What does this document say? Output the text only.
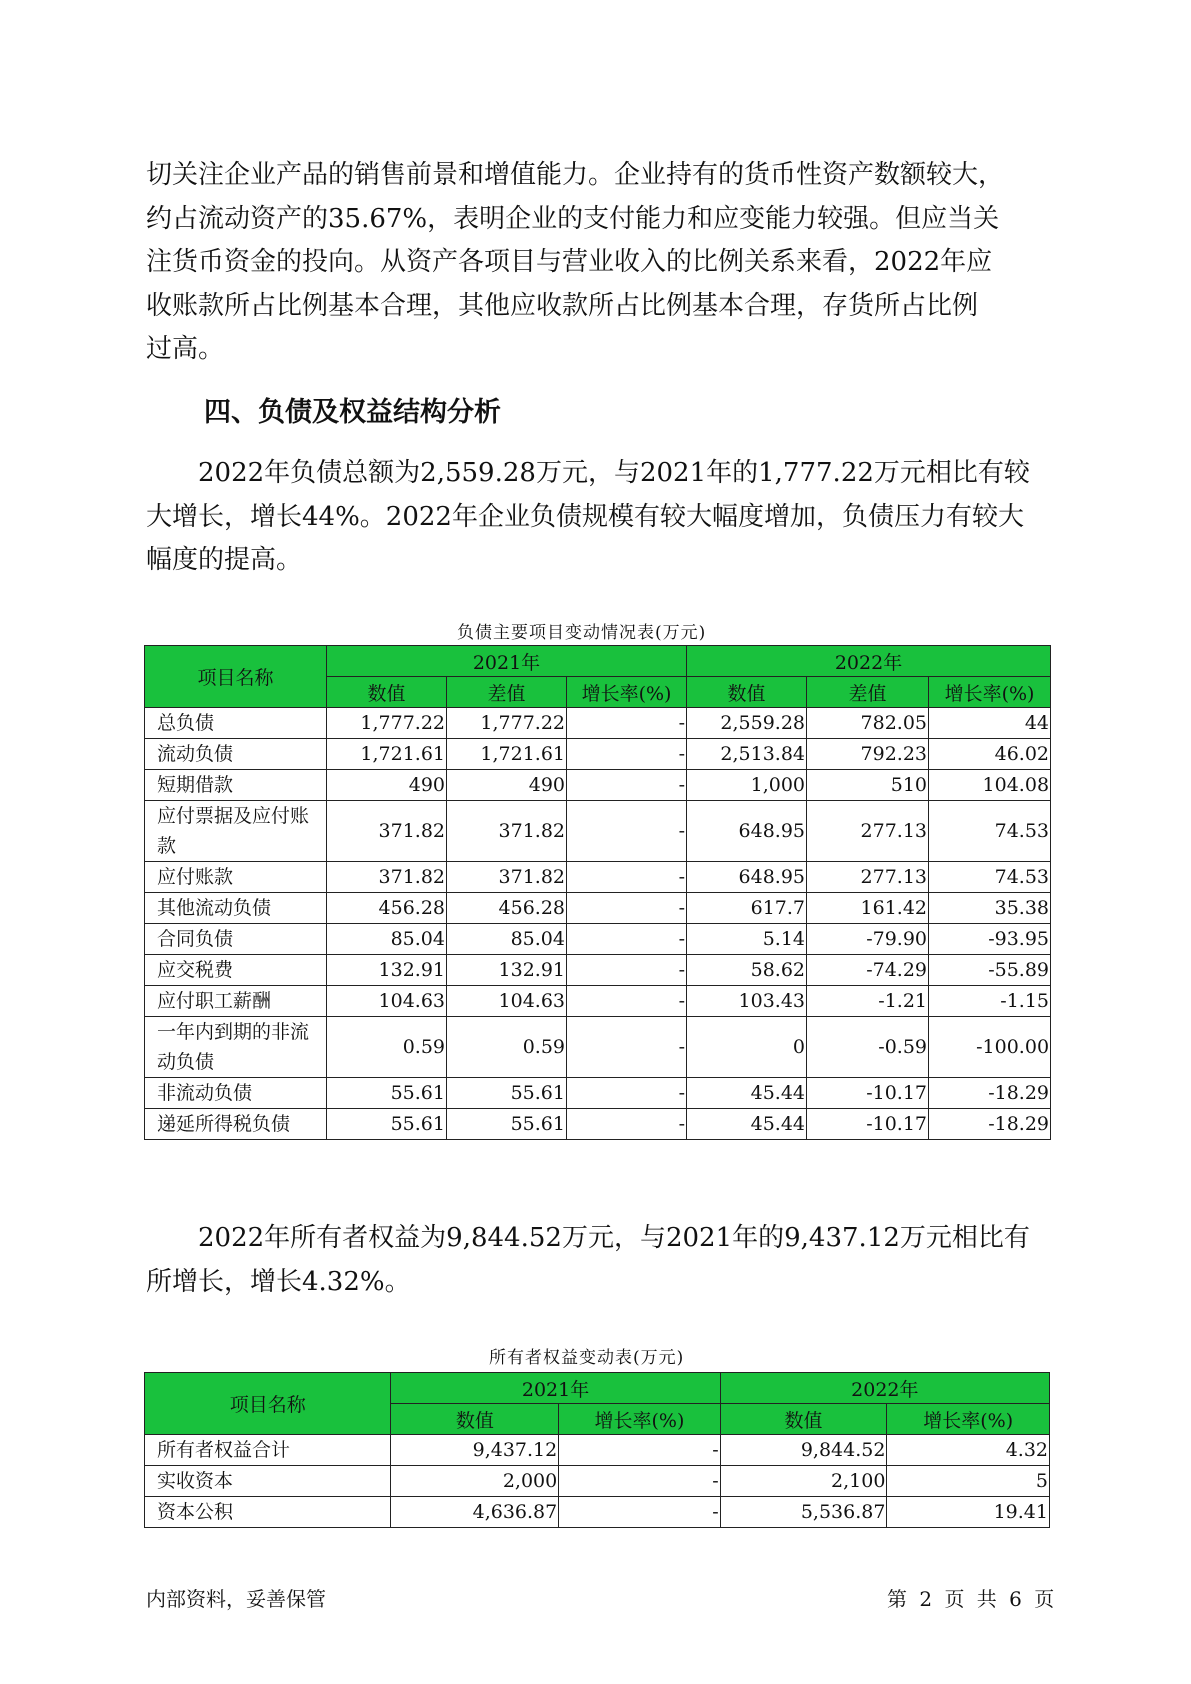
切关注企业产品的销售前景和增值能力。企业持有的货币性资产数额较大，
约占流动资产的35.67%，表明企业的支付能力和应变能力较强。但应当关
注货币资金的投向。从资产各项目与营业收入的比例关系来看，2022年应
收账款所占比例基本合理，其他应收款所占比例基本合理，存货所占比例
过高。
四、负债及权益结构分析
　　2022年负债总额为2,559.28万元，与2021年的1,777.22万元相比有较
大增长，增长44%。2022年企业负债规模有较大幅度增加，负债压力有较大
幅度的提高。
负债主要项目变动情况表(万元)
项目名称	2021年			2022年		
	数值	差值	增长率(%)	数值	差值	增长率(%)

总负债	1,777.22	1,777.22	-	2,559.28	782.05	44

流动负债	1,721.61	1,721.61	-	2,513.84	792.23	46.02

短期借款	490	490	-	1,000	510	104.08

应付票据及应付账
款	371.82	371.82	-	648.95	277.13	74.53

应付账款	371.82	371.82	-	648.95	277.13	74.53

其他流动负债	456.28	456.28	-	617.7	161.42	35.38

合同负债	85.04	85.04	-	5.14	-79.90	-93.95

应交税费	132.91	132.91	-	58.62	-74.29	-55.89

应付职工薪酬	104.63	104.63	-	103.43	-1.21	-1.15

一年内到期的非流
动负债	0.59	0.59	-	0	-0.59	-100.00

非流动负债	55.61	55.61	-	45.44	-10.17	-18.29

递延所得税负债	55.61	55.61	-	45.44	-10.17	-18.29
　　2022年所有者权益为9,844.52万元，与2021年的9,437.12万元相比有
所增长，增长4.32%。
所有者权益变动表(万元)
项目名称	2021年		2022年	
	数值	增长率(%)	数值	增长率(%)

所有者权益合计	9,437.12	-	9,844.52	4.32

实收资本	2,000	-	2,100	5

资本公积	4,636.87	-	5,536.87	19.41
内部资料，妥善保管	第 2 页 共 6 页
